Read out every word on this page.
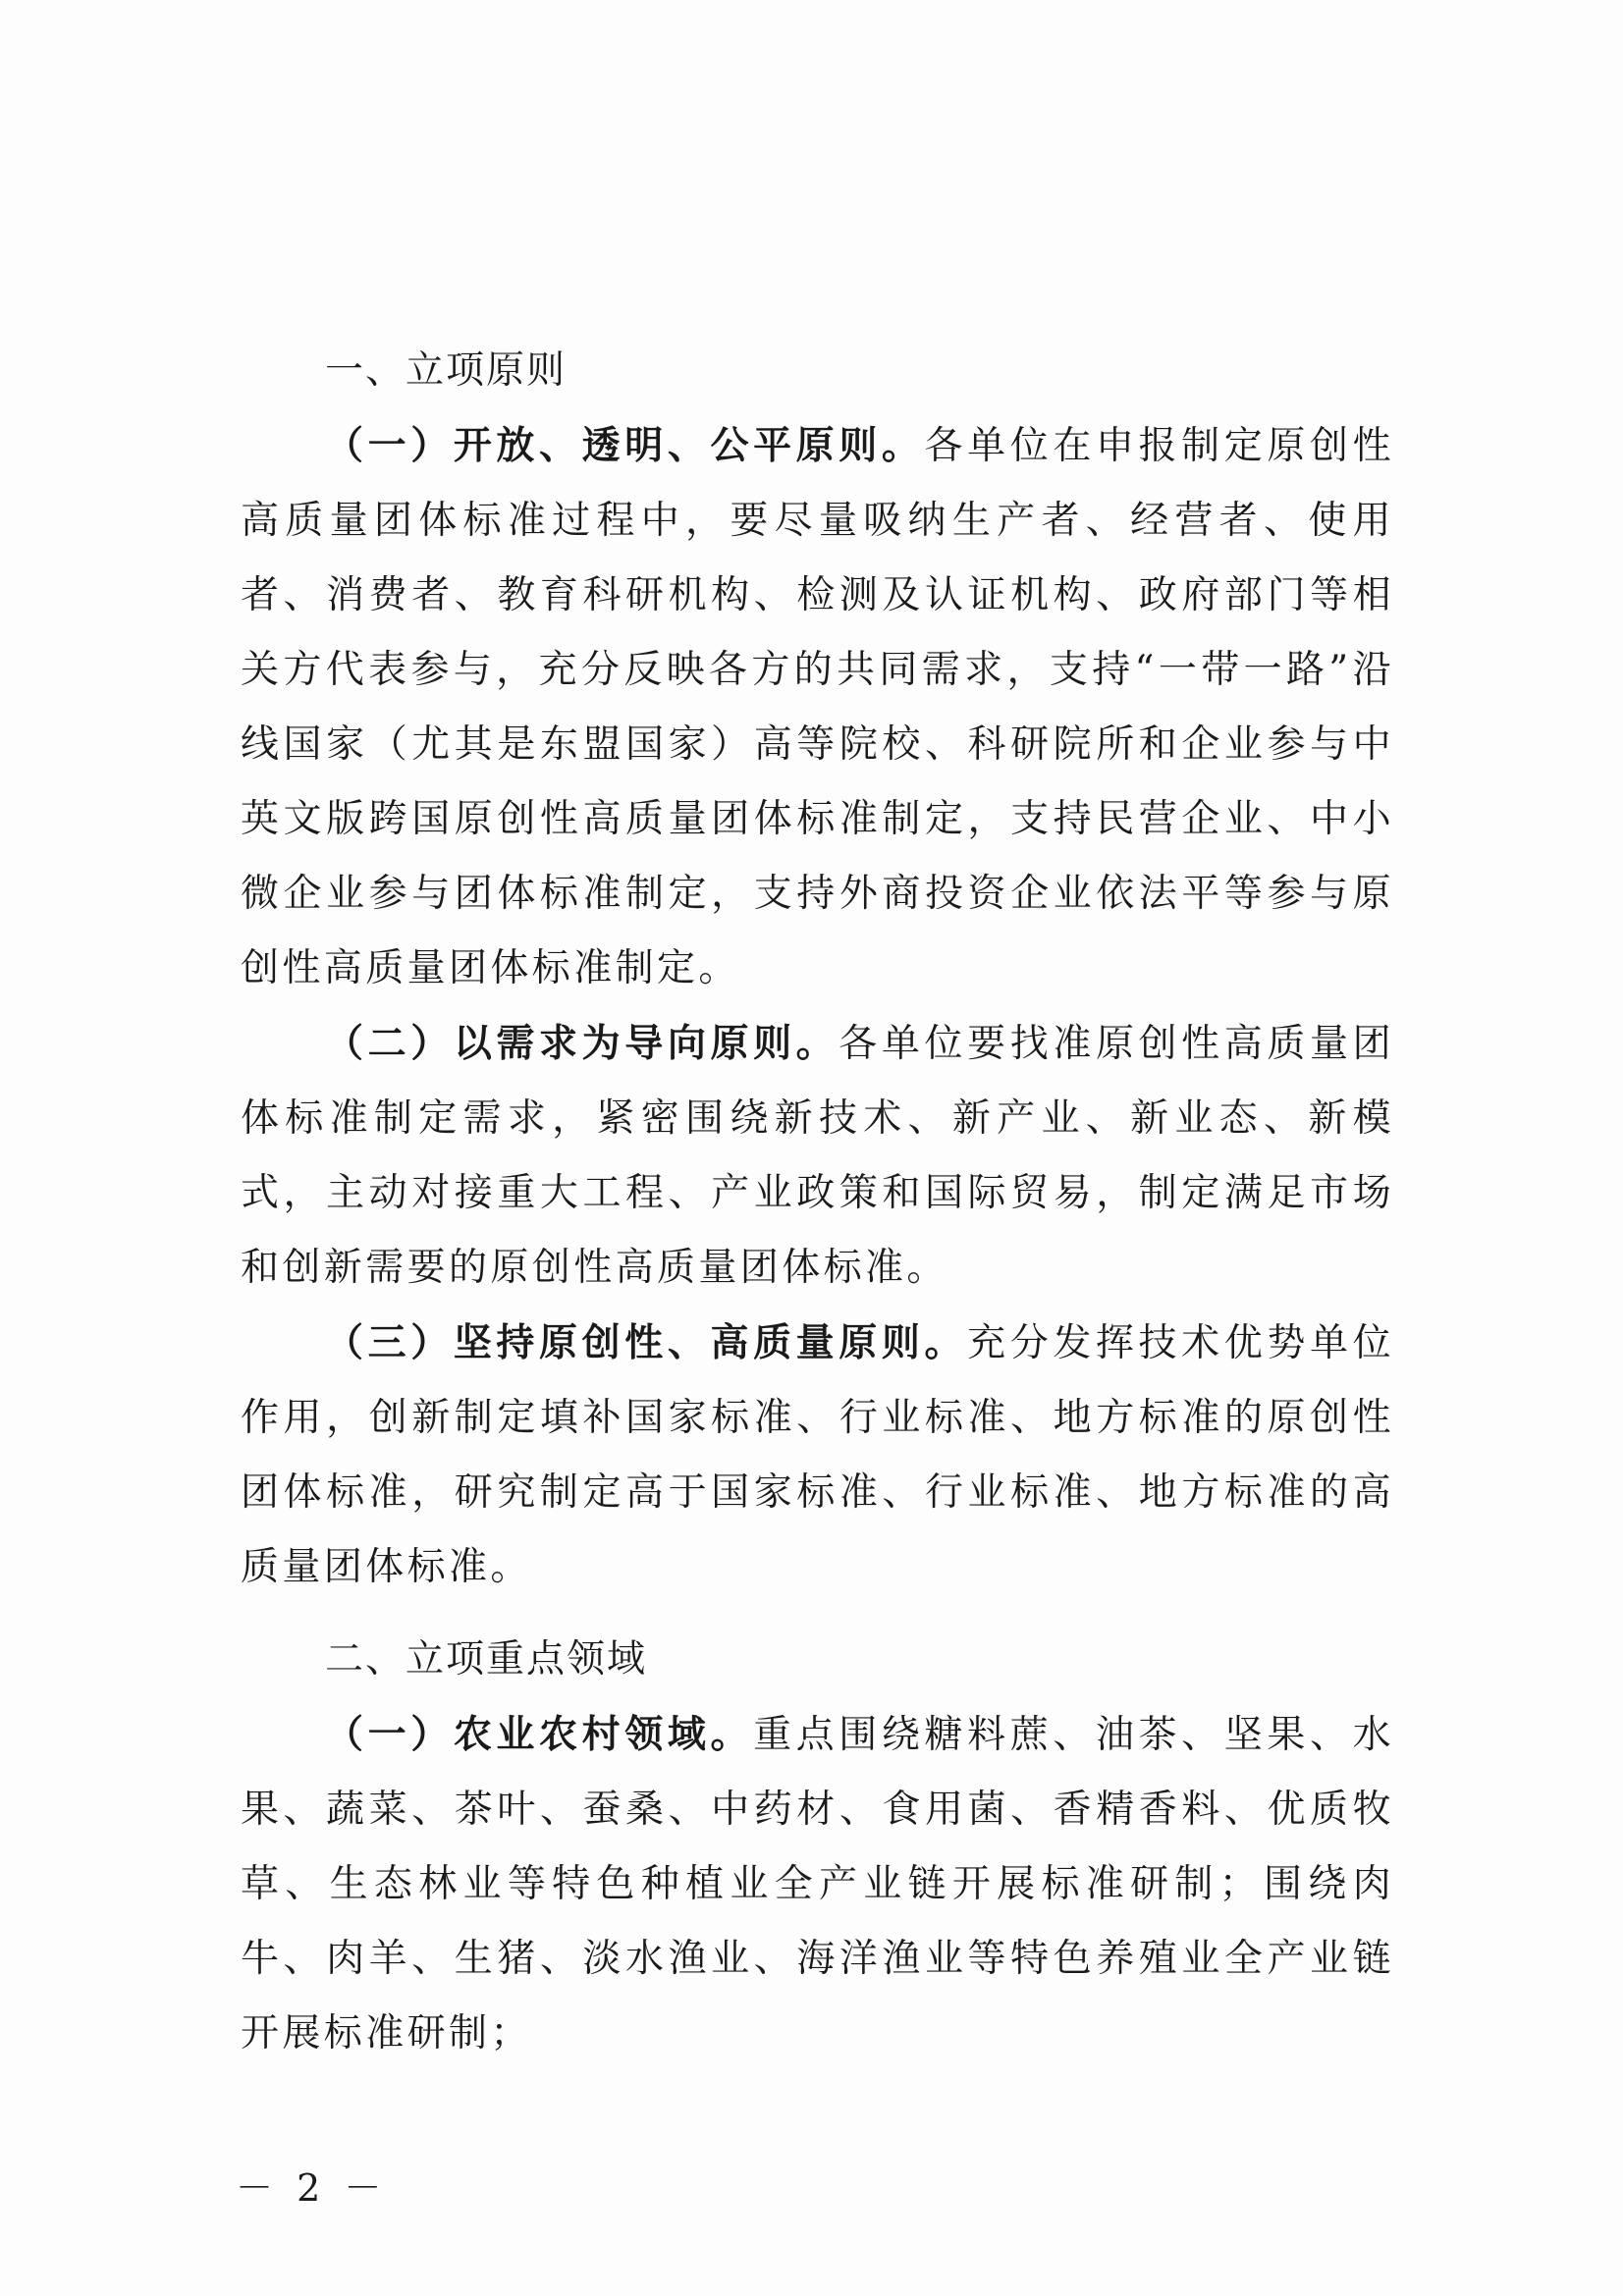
一、立项原则

（一）开放、透明、公平原则。各单位在申报制定原创性高质量团体标准过程中，要尽量吸纳生产者、经营者、使用者、消费者、教育科研机构、检测及认证机构、政府部门等相关方代表参与，充分反映各方的共同需求，支持“一带一路”沿线国家（尤其是东盟国家）高等院校、科研院所和企业参与中英文版跨国原创性高质量团体标准制定，支持民营企业、中小微企业参与团体标准制定，支持外商投资企业依法平等参与原创性高质量团体标准制定。

（二）以需求为导向原则。各单位要找准原创性高质量团体标准制定需求，紧密围绕新技术、新产业、新业态、新模式，主动对接重大工程、产业政策和国际贸易，制定满足市场和创新需要的原创性高质量团体标准。

（三）坚持原创性、高质量原则。充分发挥技术优势单位作用，创新制定填补国家标准、行业标准、地方标准的原创性团体标准，研究制定高于国家标准、行业标准、地方标准的高质量团体标准。

二、立项重点领域

（一）农业农村领域。重点围绕糖料蔗、油茶、坚果、水果、蔬菜、茶叶、蚕桑、中药材、食用菌、香精香料、优质牧草、生态林业等特色种植业全产业链开展标准研制；围绕肉牛、肉羊、生猪、淡水渔业、海洋渔业等特色养殖业全产业链开展标准研制；

－ 2 －
